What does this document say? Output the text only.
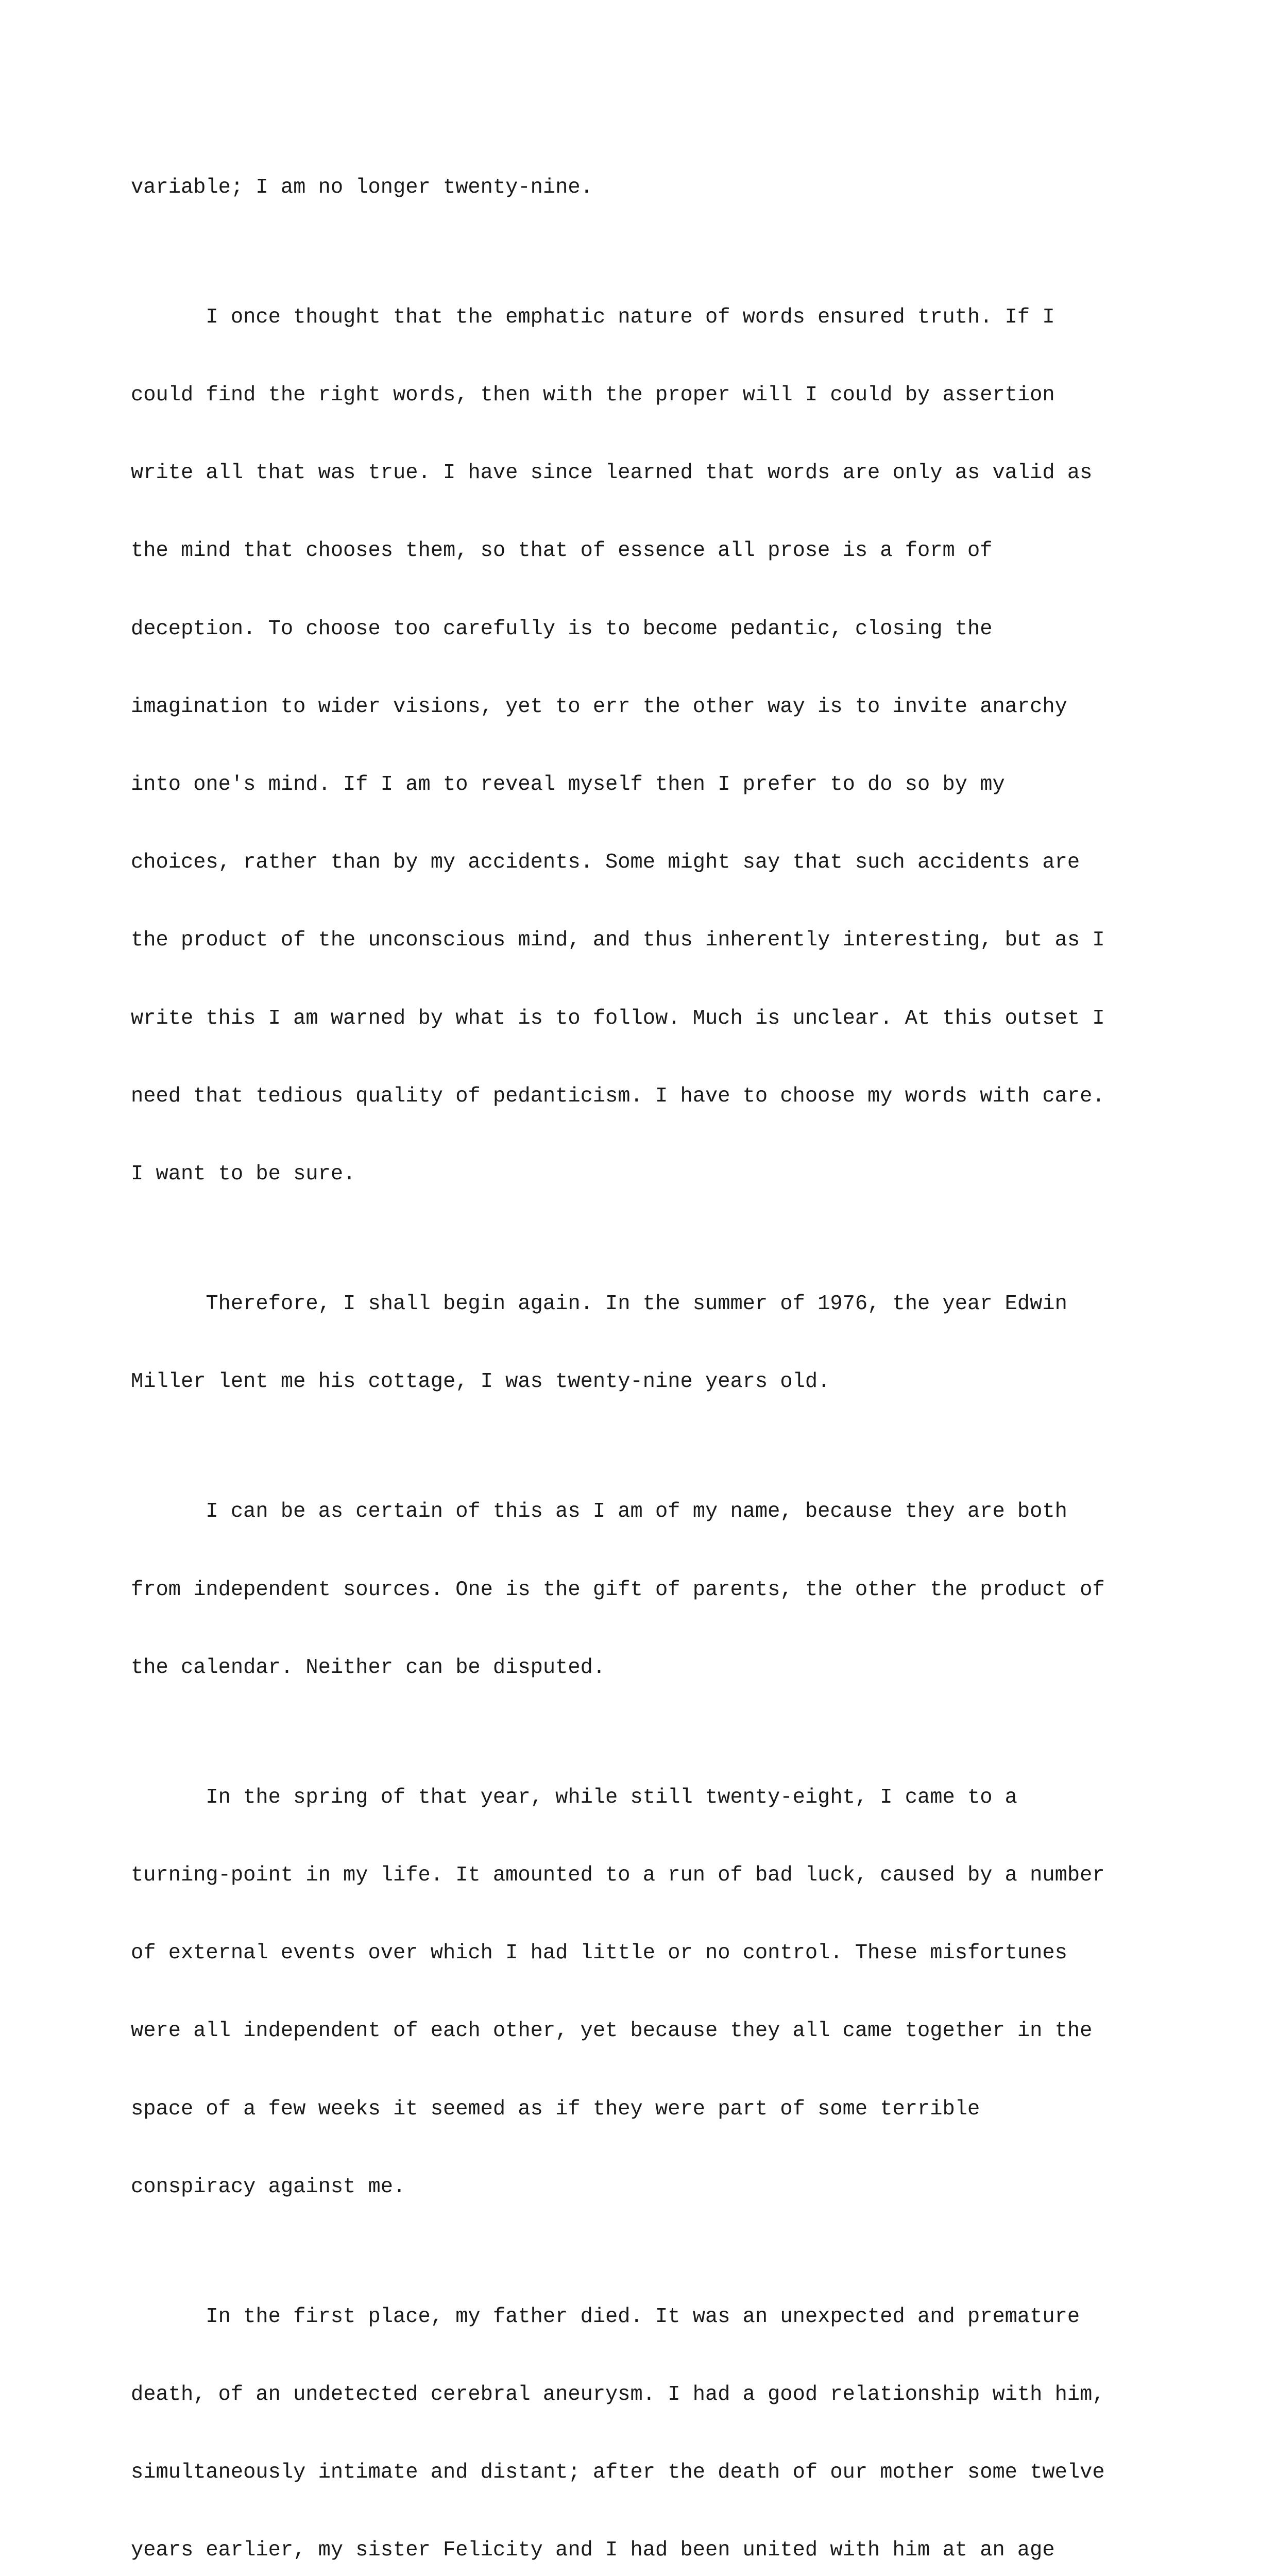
variable; I am no longer twenty-nine.

I once thought that the emphatic nature of words ensured truth. If I

could find the right words, then with the proper will I could by assertion

write all that was true. I have since learned that words are only as valid as

the mind that chooses them, so that of essence all prose is a form of

deception. To choose too carefully is to become pedantic, closing the

imagination to wider visions, yet to err the other way is to invite anarchy

into one's mind. If I am to reveal myself then I prefer to do so by my

choices, rather than by my accidents. Some might say that such accidents are

the product of the unconscious mind, and thus inherently interesting, but as I

write this I am warned by what is to follow. Much is unclear. At this outset I

need that tedious quality of pedanticism. I have to choose my words with care.

I want to be sure.

Therefore, I shall begin again. In the summer of 1976, the year Edwin

Miller lent me his cottage, I was twenty-nine years old.

I can be as certain of this as I am of my name, because they are both

from independent sources. One is the gift of parents, the other the product of

the calendar. Neither can be disputed.

In the spring of that year, while still twenty-eight, I came to a

turning-point in my life. It amounted to a run of bad luck, caused by a number

of external events over which I had little or no control. These misfortunes

were all independent of each other, yet because they all came together in the

space of a few weeks it seemed as if they were part of some terrible

conspiracy against me.

In the first place, my father died. It was an unexpected and premature

death, of an undetected cerebral aneurysm. I had a good relationship with him,

simultaneously intimate and distant; after the death of our mother some twelve

years earlier, my sister Felicity and I had been united with him at an age
